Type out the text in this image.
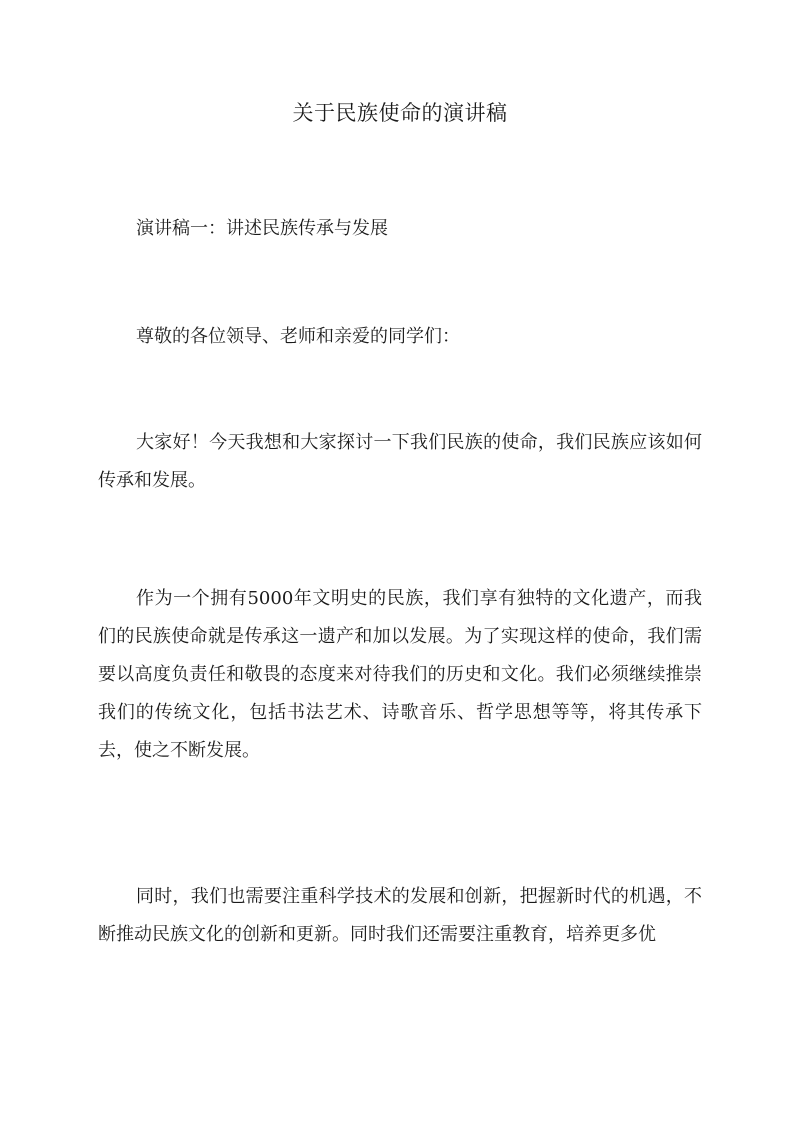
关于民族使命的演讲稿

演讲稿一：讲述民族传承与发展

尊敬的各位领导、老师和亲爱的同学们：

大家好！今天我想和大家探讨一下我们民族的使命，我们民族应该如何传承和发展。

作为一个拥有5000年文明史的民族，我们享有独特的文化遗产，而我们的民族使命就是传承这一遗产和加以发展。为了实现这样的使命，我们需要以高度负责任和敬畏的态度来对待我们的历史和文化。我们必须继续推崇我们的传统文化，包括书法艺术、诗歌音乐、哲学思想等等，将其传承下去，使之不断发展。

同时，我们也需要注重科学技术的发展和创新，把握新时代的机遇，不断推动民族文化的创新和更新。同时我们还需要注重教育，培养更多优
